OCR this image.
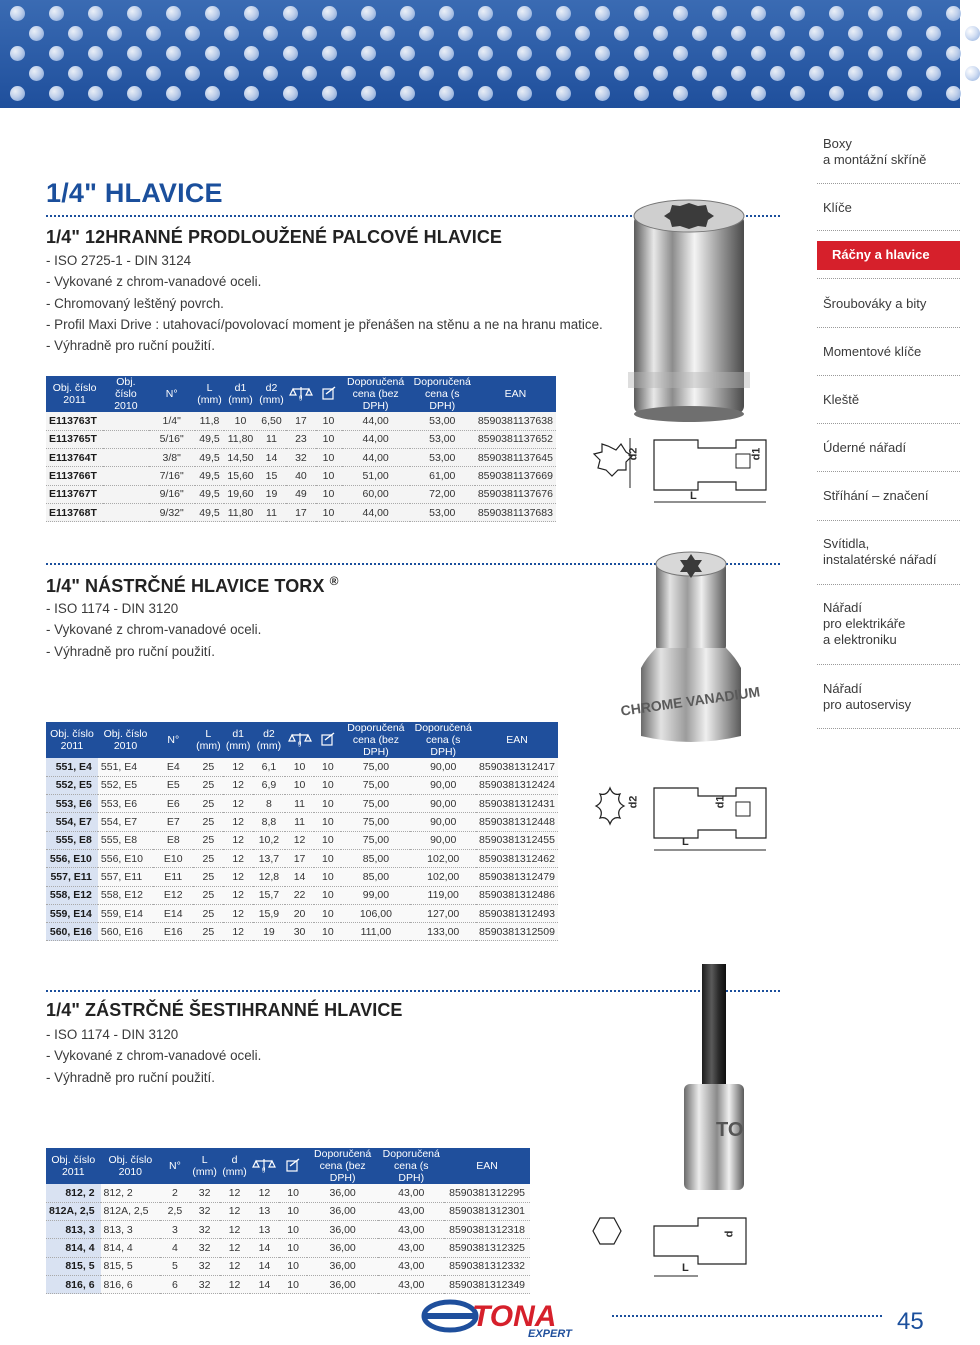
Boxy
a montážní skříně
Klíče
Ráčny a hlavice
Šroubováky a bity
Momentové klíče
Kleště
Úderné nářadí
Stříhání – značení
Svítidla,
instalatérské nářadí
Nářadí
pro elektrikáře
a elektroniku
Nářadí
pro autoservisy
1/4" HLAVICE
1/4" 12HRANNÉ PRODLOUŽENÉ PALCOVÉ HLAVICE
- ISO 2725-1 - DIN 3124
- Vykované z chrom-vanadové oceli.
- Chromovaný leštěný povrch.
- Profil Maxi Drive : utahovací/povolovací moment je přenášen na stěnu a ne na hranu matice.
- Výhradně pro ruční použití.
Obj. číslo
2011	Obj. číslo
2010	N°	L
(mm)	d1
(mm)	d2
(mm)	g		Doporučená
cena (bez DPH)	Doporučená
cena (s DPH)	EAN
E113763T		1/4"	11,8	10	6,50	17	10	44,00	53,00	8590381137638
E113765T		5/16"	49,5	11,80	11	23	10	44,00	53,00	8590381137652
E113764T		3/8"	49,5	14,50	14	32	10	44,00	53,00	8590381137645
E113766T		7/16"	49,5	15,60	15	40	10	51,00	61,00	8590381137669
E113767T		9/16"	49,5	19,60	19	49	10	60,00	72,00	8590381137676
E113768T		9/32"	49,5	11,80	11	17	10	44,00	53,00	8590381137683
d2	d1
L
1/4" NÁSTRČNÉ HLAVICE TORX ®
- ISO 1174 - DIN 3120
- Vykované z chrom-vanadové oceli.
- Výhradně pro ruční použití.
Obj. číslo
2011	Obj. číslo
2010	N°	L
(mm)	d1
(mm)	d2
(mm)	g		Doporučená
cena (bez DPH)	Doporučená
cena (s DPH)	EAN
551, E4	551, E4	E4	25	12	6,1	10	10	75,00	90,00	8590381312417
552, E5	552, E5	E5	25	12	6,9	10	10	75,00	90,00	8590381312424
553, E6	553, E6	E6	25	12	8	11	10	75,00	90,00	8590381312431
554, E7	554, E7	E7	25	12	8,8	11	10	75,00	90,00	8590381312448
555, E8	555, E8	E8	25	12	10,2	12	10	75,00	90,00	8590381312455
556, E10	556, E10	E10	25	12	13,7	17	10	85,00	102,00	8590381312462
557, E11	557, E11	E11	25	12	12,8	14	10	85,00	102,00	8590381312479
558, E12	558, E12	E12	25	12	15,7	22	10	99,00	119,00	8590381312486
559, E14	559, E14	E14	25	12	15,9	20	10	106,00	127,00	8590381312493
560, E16	560, E16	E16	25	12	19	30	10	111,00	133,00	8590381312509
CHROME VANADIUM
d2	d1
L
1/4" ZÁSTRČNÉ ŠESTIHRANNÉ HLAVICE
- ISO 1174 - DIN 3120
- Vykované z chrom-vanadové oceli.
- Výhradně pro ruční použití.
Obj. číslo
2011	Obj. číslo
2010	N°	L
(mm)	d
(mm)	g		Doporučená
cena (bez DPH)	Doporučená
cena (s DPH)	EAN
812, 2	812, 2	2	32	12	12	10	36,00	43,00	8590381312295
812A, 2,5	812A, 2,5	2,5	32	12	13	10	36,00	43,00	8590381312301
813, 3	813, 3	3	32	12	13	10	36,00	43,00	8590381312318
814, 4	814, 4	4	32	12	14	10	36,00	43,00	8590381312325
815, 5	815, 5	5	32	12	14	10	36,00	43,00	8590381312332
816, 6	816, 6	6	32	12	14	10	36,00	43,00	8590381312349
TO
d
L
TONA
EXPERT	45
